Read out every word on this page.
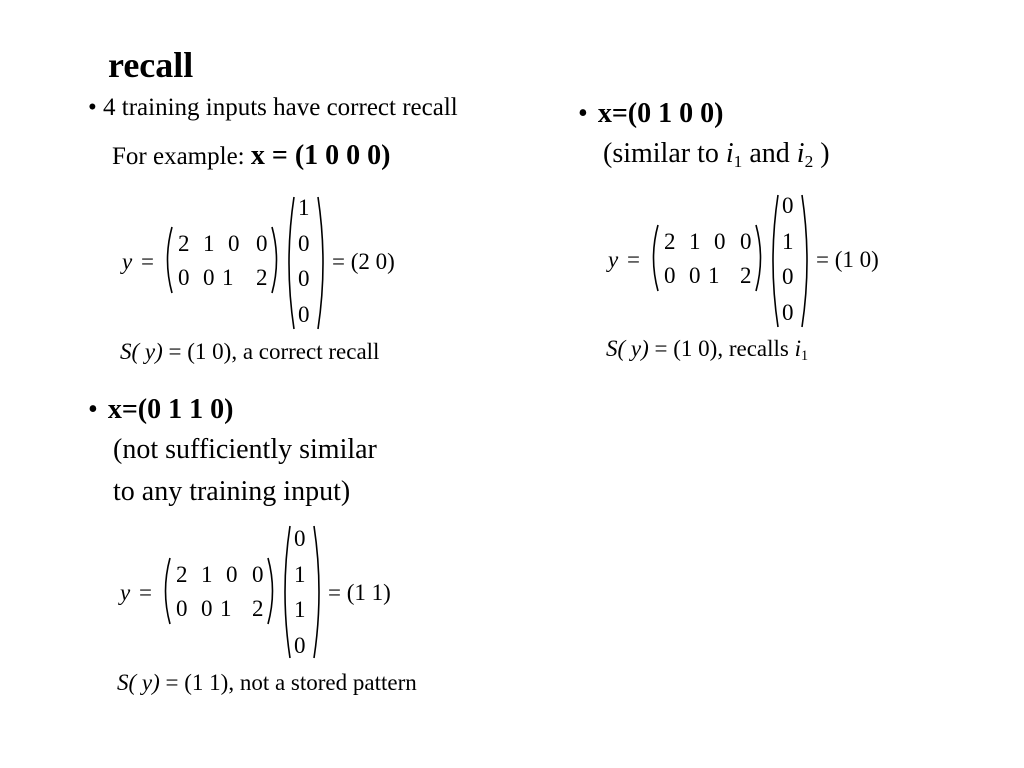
recall
• 4 training inputs have correct recall
For example: x = (1 0 0 0)
y =
2 1 0 0
0 0 1 2
1
0
0
0
= (2 0)
S( y) = (1 0), a correct recall
• x=(0 1 0 0)
(similar to $i_1$ and $i_2$ )
y =
2 1 0 0
0 0 1 2
0
1
0
0
= (1 0)
S( y) = (1 0), recalls $i_1$
• x=(0 1 1 0)
(not sufficiently similar
to any training input)
y =
2 1 0 0
0 0 1 2
0
1
1
0
= (1 1)
S( y) = (1 1), not a stored pattern
